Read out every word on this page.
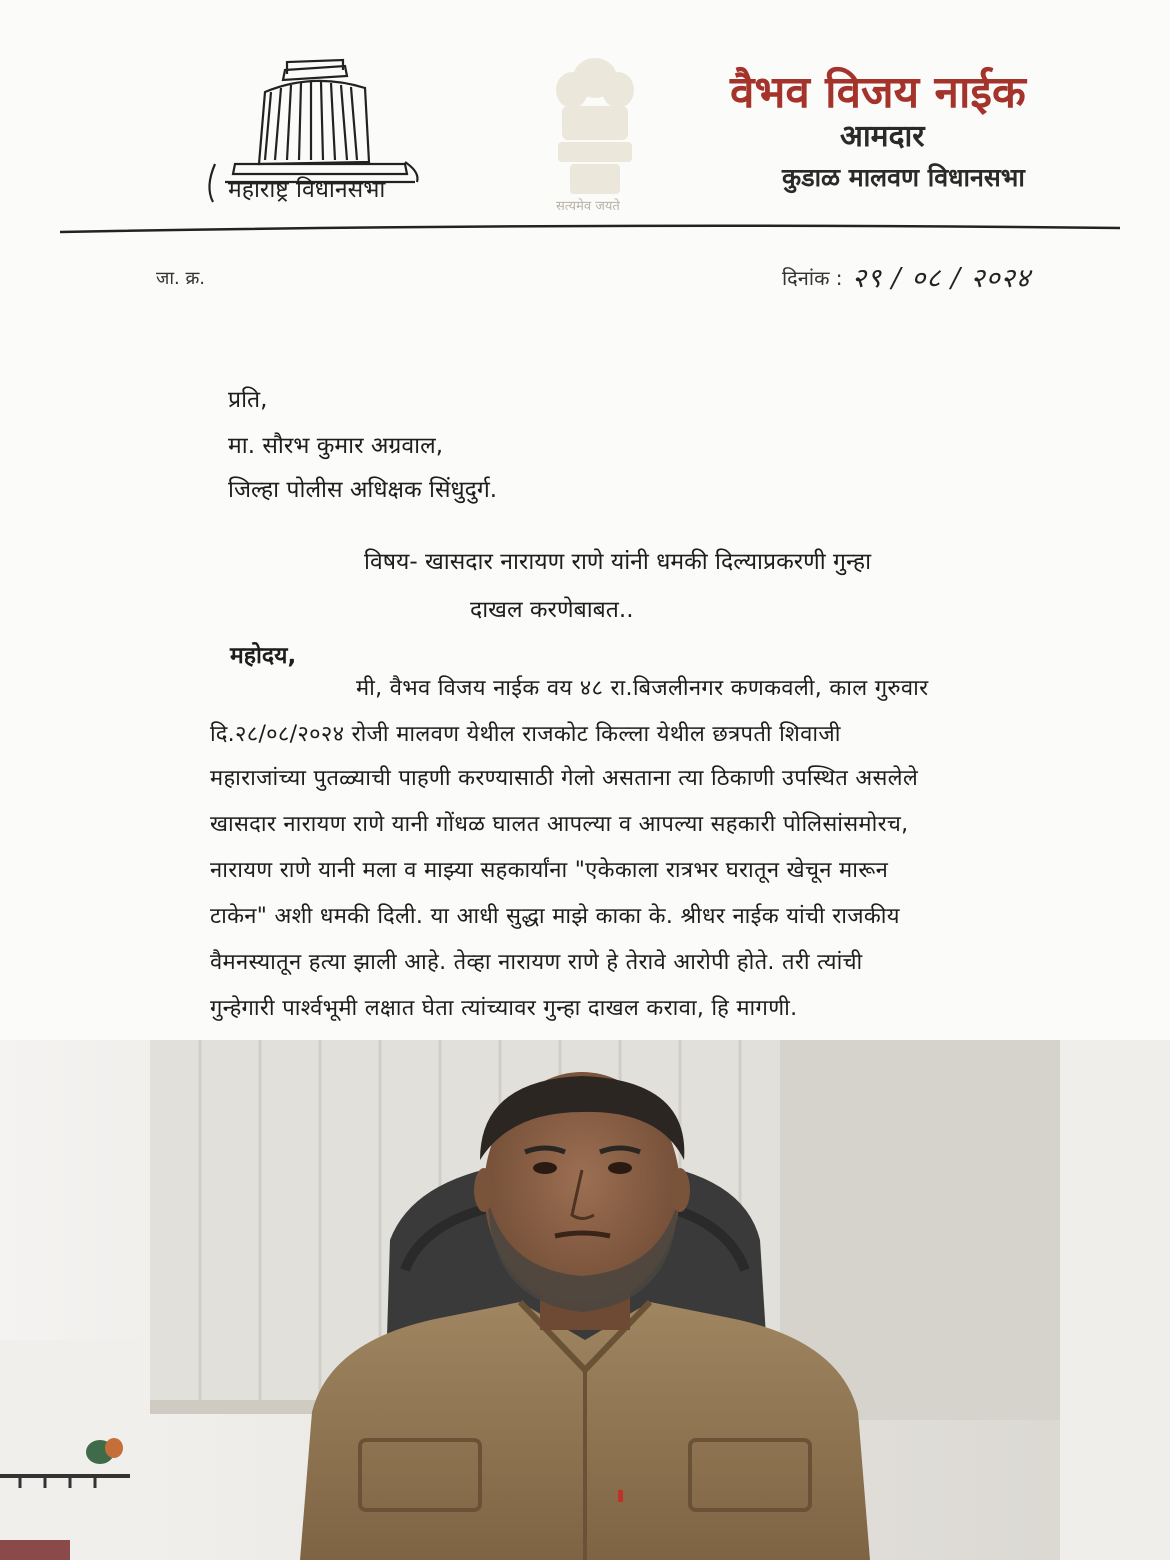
महाराष्ट्र विधानसभा
सत्यमेव जयते
वैभव विजय नाईक
आमदार
कुडाळ मालवण विधानसभा
जा. क्र.	दिनांक : २९ / ०८ / २०२४
प्रति,
मा. सौरभ कुमार अग्रवाल,
जिल्हा पोलीस अधिक्षक सिंधुदुर्ग.
विषय- खासदार नारायण राणे यांनी धमकी दिल्याप्रकरणी गुन्हा
दाखल करणेबाबत..
महोदय,
मी, वैभव विजय नाईक वय ४८ रा.बिजलीनगर कणकवली, काल गुरुवार
दि.२८/०८/२०२४ रोजी मालवण येथील राजकोट किल्ला येथील छत्रपती शिवाजी
महाराजांच्या पुतळ्याची पाहणी करण्यासाठी गेलो असताना त्या ठिकाणी उपस्थित असलेले
खासदार नारायण राणे यानी गोंधळ घालत आपल्या व आपल्या सहकारी पोलिसांसमोरच,
नारायण राणे यानी मला व माझ्या सहकार्यांना "एकेकाला रात्रभर घरातून खेचून मारून
टाकेन" अशी धमकी दिली. या आधी सुद्धा माझे काका के. श्रीधर नाईक यांची राजकीय
वैमनस्यातून हत्या झाली आहे. तेव्हा नारायण राणे हे तेरावे आरोपी होते. तरी त्यांची
गुन्हेगारी पार्श्वभूमी लक्षात घेता त्यांच्यावर गुन्हा दाखल करावा, हि मागणी.
